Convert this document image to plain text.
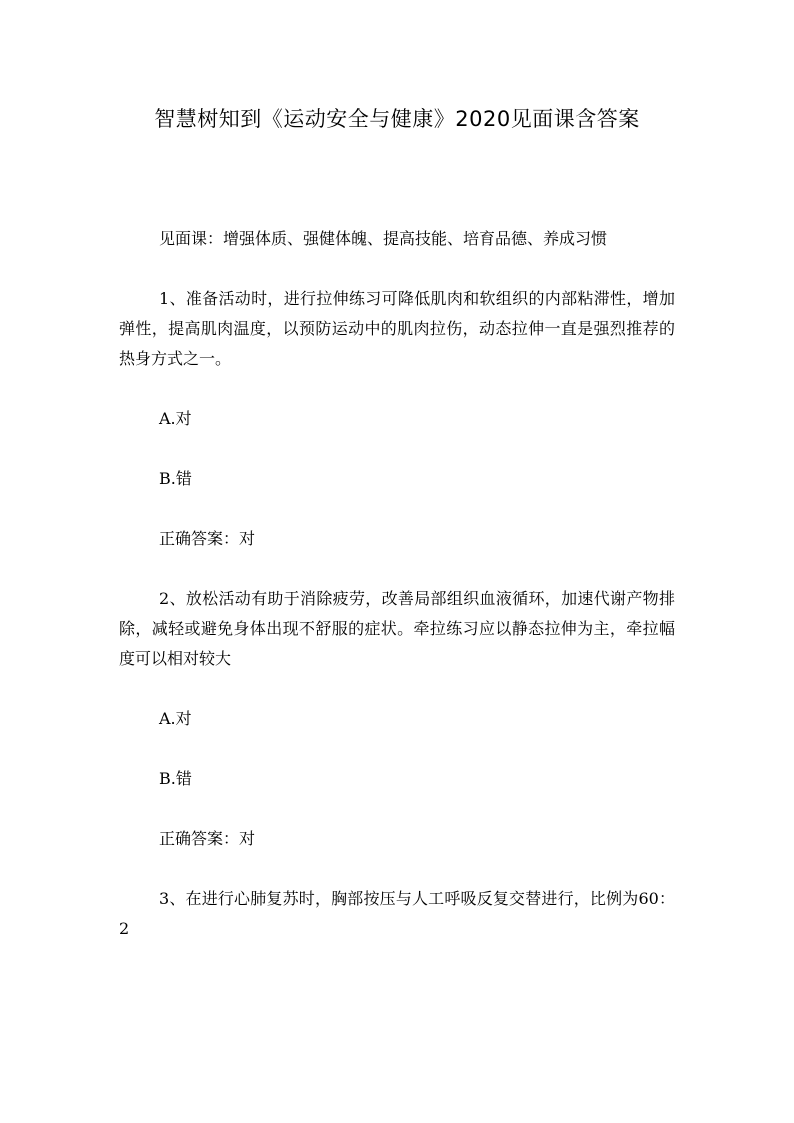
智慧树知到《运动安全与健康》2020见面课含答案

见面课：增强体质、强健体魄、提高技能、培育品德、养成习惯

1、准备活动时，进行拉伸练习可降低肌肉和软组织的内部粘滞性，增加弹性，提高肌肉温度，以预防运动中的肌肉拉伤，动态拉伸一直是强烈推荐的热身方式之一。

A.对

B.错

正确答案：对

2、放松活动有助于消除疲劳，改善局部组织血液循环，加速代谢产物排除，减轻或避免身体出现不舒服的症状。牵拉练习应以静态拉伸为主，牵拉幅度可以相对较大

A.对

B.错

正确答案：对

3、在进行心肺复苏时，胸部按压与人工呼吸反复交替进行，比例为60：2
